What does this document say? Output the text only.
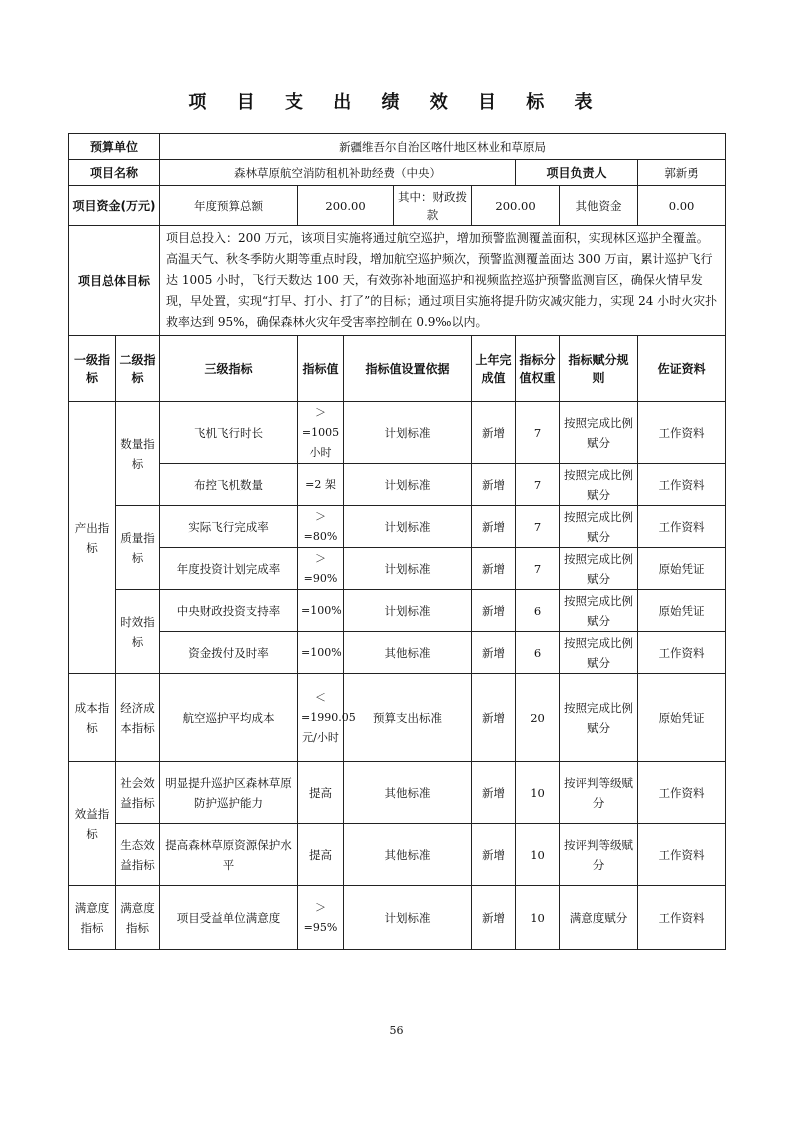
项 目 支 出 绩 效 目 标 表
预算单位		新疆维吾尔自治区喀什地区林业和草原局							
项目名称		森林草原航空消防租机补助经费（中央）					项目负责人		郭新勇
项目资金(万元)		年度预算总额	200.00		其中：财政拨款	200.00		其他资金	0.00
项目总体目标		项目总投入：200 万元，该项目实施将通过航空巡护，增加预警监测覆盖面积，实现林区巡护全覆盖。高温天气、秋冬季防火期等重点时段，增加航空巡护频次，预警监测覆盖面达 300 万亩，累计巡护飞行达 1005 小时，飞行天数达 100 天，有效弥补地面巡护和视频监控巡护预警监测盲区，确保火情早发现，早处置，实现“打早、打小、打了”的目标；通过项目实施将提升防灾减灾能力，实现 24 小时火灾扑救率达到 95%，确保森林火灾年受害率控制在 0.9‰以内。							
一级指标	二级指标	三级指标	指标值	指标值设置依据		上年完成值	指标分值权重	指标赋分规则	佐证资料
产出指标	数量指标	飞机飞行时长	＞=1005小时	计划标准		新增	7	按照完成比例赋分	工作资料
		布控飞机数量	=2 架	计划标准		新增	7	按照完成比例赋分	工作资料
	质量指标	实际飞行完成率	＞=80%	计划标准		新增	7	按照完成比例赋分	工作资料
		年度投资计划完成率	＞=90%	计划标准		新增	7	按照完成比例赋分	原始凭证
	时效指标	中央财政投资支持率	=100%	计划标准		新增	6	按照完成比例赋分	原始凭证
		资金拨付及时率	=100%	其他标准		新增	6	按照完成比例赋分	工作资料
成本指标	经济成本指标	航空巡护平均成本	＜=1990.05 元/小时	预算支出标准		新增	20	按照完成比例赋分	原始凭证
效益指标	社会效益指标	明显提升巡护区森林草原防护巡护能力	提高	其他标准		新增	10	按评判等级赋分	工作资料
	生态效益指标	提高森林草原资源保护水平	提高	其他标准		新增	10	按评判等级赋分	工作资料
满意度指标	满意度指标	项目受益单位满意度	＞=95%	计划标准		新增	10	满意度赋分	工作资料
56
